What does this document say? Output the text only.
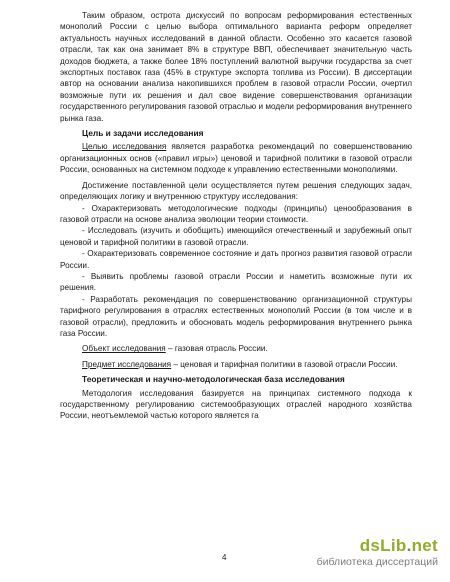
Таким образом, острота дискуссий по вопросам реформирования естественных монополий России с целью выбора оптимального варианта реформ определяет актуальность научных исследований в данной области. Особенно это касается газовой отрасли, так как она занимает 8% в структуре ВВП, обеспечивает значительную часть доходов бюджета, а также более 18% поступлений валютной выручки государства за счет экспортных поставок газа (45% в структуре экспорта топлива из России). В диссертации автор на основании анализа накопившихся проблем в газовой отрасли России, очертил возможные пути их решения и дал свое видение совершенствования организации государственного регулирования газовой отраслью и модели реформирования внутреннего рынка газа.

Цель и задачи исследования

Целью исследования является разработка рекомендаций по совершенствованию организационных основ («правил игры») ценовой и тарифной политики в газовой отрасли России, основанных на системном подходе к управлению естественными монополиями.

Достижение поставленной цели осуществляется путем решения следующих задач, определяющих логику и внутреннюю структуру исследования:

- Охарактеризовать методологические подходы (принципы) ценообразования в газовой отрасли на основе анализа эволюции теории стоимости.

- Исследовать (изучить и обобщить) имеющийся отечественный и зарубежный опыт ценовой и тарифной политики в газовой отрасли.

- Охарактеризовать современное состояние и дать прогноз развития газовой отрасли России.

- Выявить проблемы газовой отрасли России и наметить возможные пути их решения.

- Разработать рекомендация по совершенствованию организационной структуры тарифного регулирования в отраслях естественных монополий России (в том числе и в газовой отрасли), предложить и обосновать модель реформирования внутреннего рынка газа России.

Объект исследования – газовая отрасль России.

Предмет исследования – ценовая и тарифная политики в газовой отрасли России.

Теоретическая и научно-методологическая база исследования

Методология исследования базируется на принципах системного подхода к государственному регулированию системообразующих отраслей народного хозяйства России, неотъемлемой частью которого является га

4
dsLib.net
библиотека диссертаций
